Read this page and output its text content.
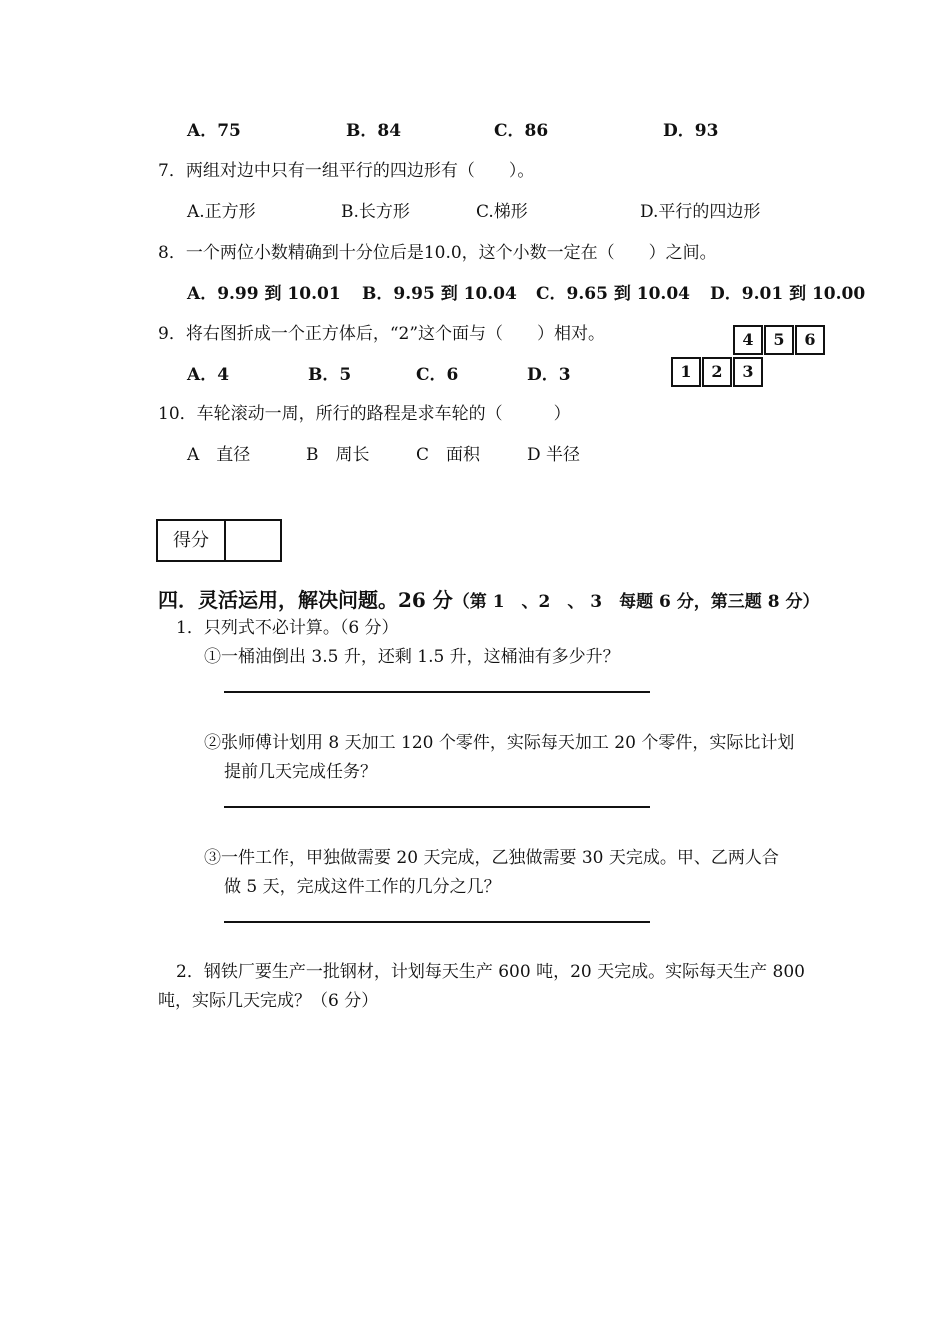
A．75	B．84	C．86	D．93
7．两组对边中只有一组平行的四边形有（　　）。
A.正方形	B.长方形	C.梯形	D.平行的四边形
8．一个两位小数精确到十分位后是10.0，这个小数一定在（　　）之间。
A．9.99 到 10.01 B．9.95 到 10.04 C．9.65 到 10.04 D．9.01 到 10.00
9．将右图折成一个正方体后，“2”这个面与（　　）相对。
A．4	B．5	C．6	D．3
4	5	6
1	2	3
10．车轮滚动一周，所行的路程是求车轮的（　　　）
A　直径	B　周长	C　面积	D 半径
得分
四．灵活运用，解决问题。26 分（第 1　、2　、 3　每题 6 分，第三题 8 分）
1．只列式不必计算。（6 分）
①一桶油倒出 3.5 升，还剩 1.5 升，这桶油有多少升？
②张师傅计划用 8 天加工 120 个零件，实际每天加工 20 个零件，实际比计划
提前几天完成任务？
③一件工作，甲独做需要 20 天完成，乙独做需要 30 天完成。甲、乙两人合
做 5 天，完成这件工作的几分之几？
2．钢铁厂要生产一批钢材，计划每天生产 600 吨，20 天完成。实际每天生产 800
吨，实际几天完成？（6 分）
